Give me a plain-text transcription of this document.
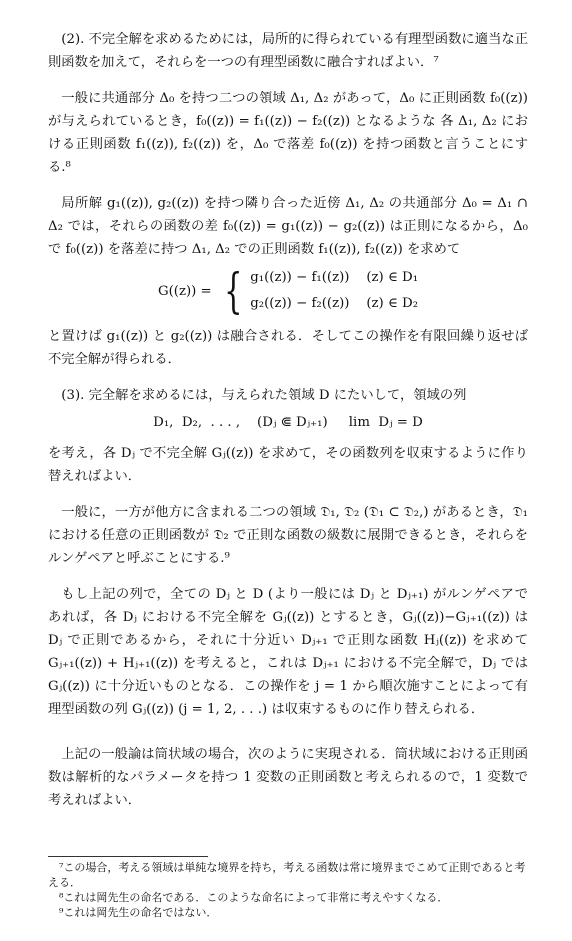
(2). 不完全解を求めるためには，局所的に得られている有理型函数に適当な正則函数を加えて，それらを一つの有理型函数に融合すればよい．⁷

一般に共通部分 Δ₀ を持つ二つの領域 Δ₁, Δ₂ があって，Δ₀ に正則函数 f₀((z)) が与えられているとき，f₀((z)) = f₁((z)) − f₂((z)) となるような 各 Δ₁, Δ₂ における正則函数 f₁((z)), f₂((z)) を，Δ₀ で落差 f₀((z)) を持つ函数と言うことにする.⁸

局所解 g₁((z)), g₂((z)) を持つ隣り合った近傍 Δ₁, Δ₂ の共通部分 Δ₀ = Δ₁ ∩ Δ₂ では，それらの函数の差 f₀((z)) = g₁((z)) − g₂((z)) は正則になるから，Δ₀ で f₀((z)) を落差に持つ Δ₁, Δ₂ での正則函数 f₁((z)), f₂((z)) を求めて

G((z)) = { g₁((z)) − f₁((z))    (z) ∈ D₁
g₂((z)) − f₂((z))    (z) ∈ D₂

と置けば g₁((z)) と g₂((z)) は融合される．そしてこの操作を有限回繰り返せば不完全解が得られる．

(3). 完全解を求めるには，与えられた領域 D にたいして，領域の列

D₁,  D₂,  . . . ,    (Dⱼ ⋐ Dⱼ₊₁)     lim  Dⱼ = D

を考え，各 Dⱼ で不完全解 Gⱼ((z)) を求めて，その函数列を収束するように作り替えればよい．

一般に，一方が他方に含まれる二つの領域 𝔇₁, 𝔇₂ (𝔇₁ ⊂ 𝔇₂,) があるとき，𝔇₁ における任意の正則函数が 𝔇₂ で正則な函数の級数に展開できるとき，それらをルンゲペアと呼ぶことにする.⁹

もし上記の列で，全ての Dⱼ と D (より一般には Dⱼ と Dⱼ₊₁) がルンゲペアであれば，各 Dⱼ における不完全解を Gⱼ((z)) とするとき，Gⱼ((z))−Gⱼ₊₁((z)) は Dⱼ で正則であるから，それに十分近い Dⱼ₊₁ で正則な函数 Hⱼ((z)) を求めて Gⱼ₊₁((z)) + Hⱼ₊₁((z)) を考えると，これは Dⱼ₊₁ における不完全解で，Dⱼ では Gⱼ((z)) に十分近いものとなる．この操作を j = 1 から順次施すことによって有理型函数の列 Gⱼ((z)) (j = 1, 2, . . .) は収束するものに作り替えられる．

上記の一般論は筒状域の場合，次のように実現される．筒状域における正則函数は解析的なパラメータを持つ 1 変数の正則函数と考えられるので，1 変数で考えればよい．

⁷この場合，考える領域は単純な境界を持ち，考える函数は常に境界までこめて正則であると考える．

⁸これは岡先生の命名である．このような命名によって非常に考えやすくなる．

⁹これは岡先生の命名ではない．
